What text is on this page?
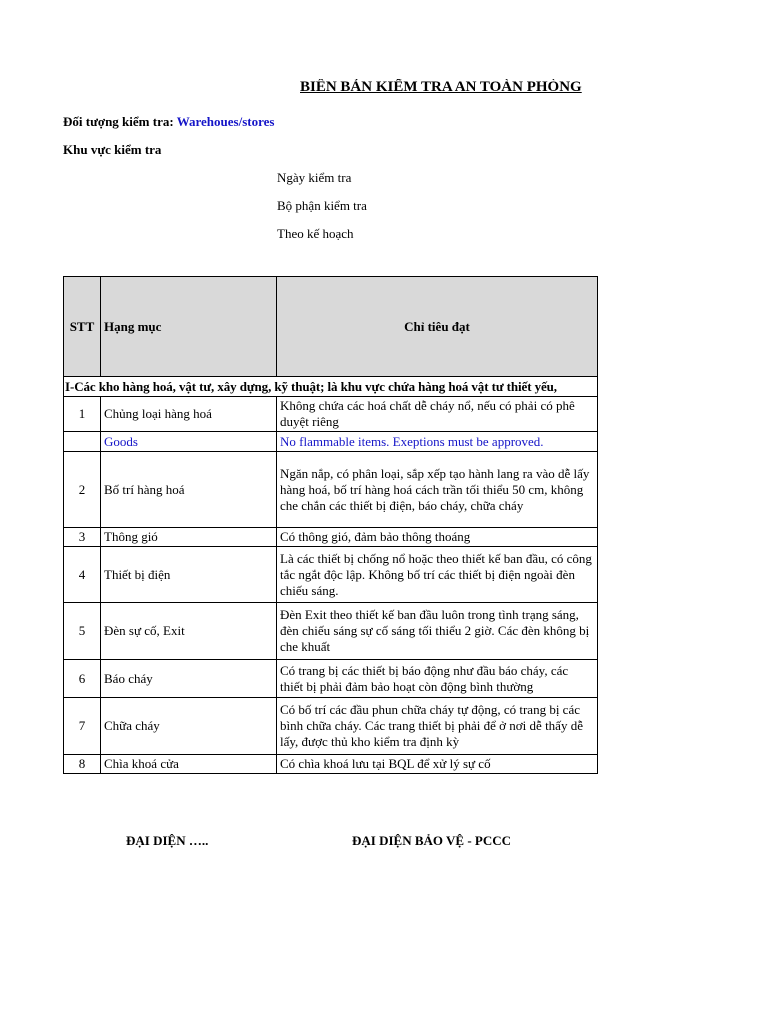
BIÊN BẢN KIỂM TRA AN TOÀN PHÒNG
Đối tượng kiểm tra: Warehoues/stores
Khu vực kiểm tra
Ngày kiểm tra
Bộ phận kiểm tra
Theo kế hoạch
STT	Hạng mục	Chỉ tiêu đạt
I-Các kho hàng hoá, vật tư, xây dựng, kỹ thuật; là khu vực chứa hàng hoá vật tư thiết yếu,		
1	Chủng loại hàng hoá	Không chứa các hoá chất dễ cháy nổ, nếu có phải có phê duyệt riêng
	Goods	No flammable items. Exeptions must be approved.
2	Bố trí hàng hoá	Ngăn nắp, có phân loại, sắp xếp tạo hành lang ra vào dễ lấy hàng hoá, bố trí hàng hoá cách trần tối thiểu 50 cm, không che chắn các thiết bị điện, báo cháy, chữa cháy
3	Thông gió	Có thông gió, đảm bảo thông thoáng
4	Thiết bị điện	Là các thiết bị chống nổ hoặc theo thiết kế ban đầu, có công tắc ngắt độc lập. Không bố trí các thiết bị điện ngoài đèn chiếu sáng.
5	Đèn sự cố, Exit	Đèn Exit theo thiết kế ban đầu luôn trong tình trạng sáng, đèn chiếu sáng sự cố sáng tối thiểu 2 giờ. Các đèn không bị che khuất
6	Báo cháy	Có trang bị các thiết bị báo động như đầu báo cháy, các thiết bị phải đảm bảo hoạt còn động bình thường
7	Chữa cháy	Có bố trí các đầu phun chữa cháy tự động, có trang bị các bình chữa cháy. Các trang thiết bị phải để ở nơi dễ thấy dễ lấy, được thủ kho kiểm tra định kỳ
8	Chìa khoá cửa	Có chìa khoá lưu tại BQL để xử lý sự cố
ĐẠI DIỆN …..	ĐẠI DIỆN BẢO VỆ - PCCC
